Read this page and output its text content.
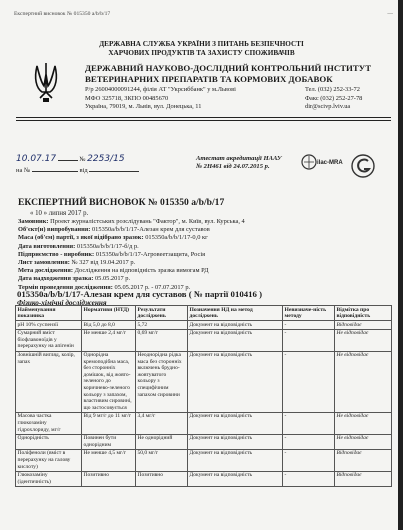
Експертний висновок № 015350 а/b/b/17	—
ДЕРЖАВНА СЛУЖБА УКРАЇНИ З ПИТАНЬ БЕЗПЕЧНОСТІ
ХАРЧОВИХ ПРОДУКТІВ ТА ЗАХИСТУ СПОЖИВАЧІВ
ДЕРЖАВНИЙ НАУКОВО-ДОСЛІДНИЙ КОНТРОЛЬНИЙ ІНСТИТУТ
ВЕТЕРИНАРНИХ ПРЕПАРАТІВ ТА КОРМОВИХ ДОБАВОК
Р/р 26004000091244, філія АТ "Укрсиббанк" у м.Львові
МФО 325718, ЗКПО 00485670
Україна, 79019, м. Львів, вул. Донецька, 11
Тел. (032) 252-33-72
Факс (032) 252-27-78
dir@scivp.lviv.ua
10.07.17	№ 2253/15
на №	від
Атестат акредитації НААУ
№ 2Н461 від 24.07.2015 р.
ilac-MRA
ЕКСПЕРТНИЙ ВИСНОВОК № 015350 а/b/b/17
« 10 » липня 2017 р.
Замовник: Проект журналістських розслідувань "Фактор", м. Київ, вул. Курська, 4
Об'єкт(и) випробування: 015350а/b/b/1/17-Алезан крем для суставов
Маса (об'єм) партії, з якої відібрано зразок: 015350а/b/b/1/17-0,0 кг
Дата виготовлення: 015350а/b/b/1/17-б/д р.
Підприємство - виробник: 015350а/b/b/1/17-Агровеетзащита, Росія
Лист замовлення: № 327 від 19.04.2017 р.
Мета дослідження: Дослідження на відповідність зразка вимогам РД
Дата надходження зразка: 05.05.2017 р.
Термін проведення дослідження: 05.05.2017 р. - 07.07.2017 р.
015350а/b/b/1/17-Алезан крем для суставов ( № партії 010416 )
Фізико-хімічні дослідження
Найменування показника	Нормативи (НТД)	Результати досліджень	Позначення НД на метод досліджень	Невизначе-ність методу	Відмітка про відповідність
рН 10% суспензії	Від 5,0 до 8,0	5,72	Документ на відповідність	-	Відповідає
Сумарний вміст біофлавоноїдів у перерахунку на апігенін	Не менше 2,4 мг/г	0,69 мг/г	Документ на відповідність	-	Не відповідає
Зовнішній вигляд, колір, запах	Однорідна кремоподібна маса, без сторонніх домішок, від жовто-зеленого до коричнево-зеленого кольору з запахом, властивим сировині, що застосовується	Неоднорідна рідка маса без сторонніх включень брудно-жовтуватого кольору з специфічним запахом сировини	Документ на відповідність	-	Не відповідає
Масова частка глюкозаміну гідрохлориду, мг/г	Від 9 мг/г до 11 мг/г	3,4 мг/г	Документ на відповідність	-	Не відповідає
Однорідність	Повинен бути однорідним	Не однорідний	Документ на відповідність	-	Не відповідає
Поліфеноли (вміст в перерахунку на галову кислоту)	Не менше 4,5 мг/г	50,0 мг/г	Документ на відповідність	-	Відповідає
Глюкозаміну (ідентичність)	Позитивно	Позитивно	Документ на відповідність	-	Відповідає
